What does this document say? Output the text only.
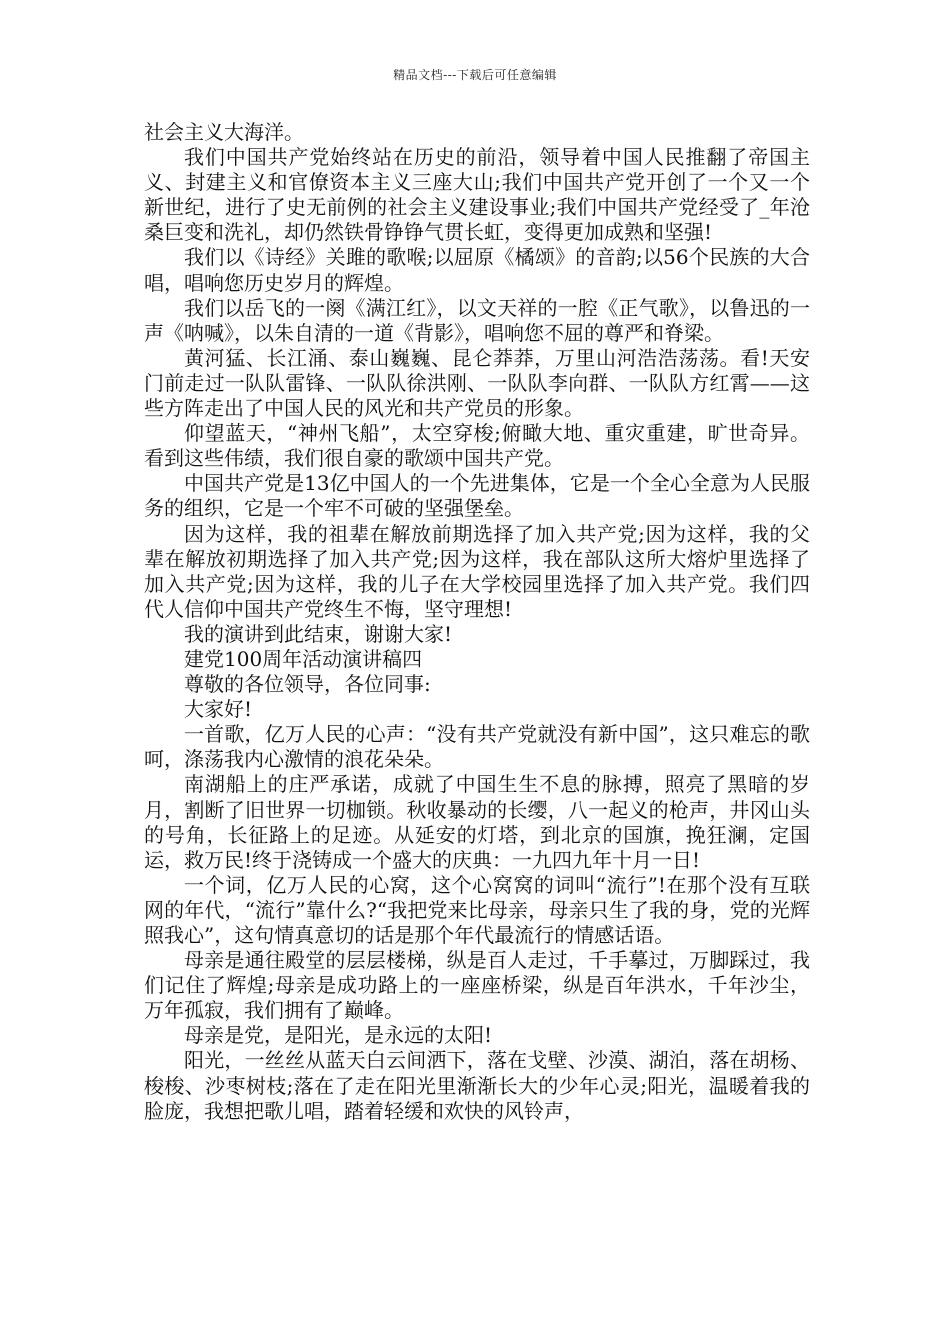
精品文档---下载后可任意编辑

社会主义大海洋。

我们中国共产党始终站在历史的前沿，领导着中国人民推翻了帝国主义、封建主义和官僚资本主义三座大山;我们中国共产党开创了一个又一个新世纪，进行了史无前例的社会主义建设事业;我们中国共产党经受了_年沧桑巨变和洗礼，却仍然铁骨铮铮气贯长虹，变得更加成熟和坚强!

我们以《诗经》关雎的歌喉;以屈原《橘颂》的音韵;以56个民族的大合唱，唱响您历史岁月的辉煌。

我们以岳飞的一阕《满江红》，以文天祥的一腔《正气歌》，以鲁迅的一声《呐喊》，以朱自清的一道《背影》，唱响您不屈的尊严和脊梁。

黄河猛、长江涌、泰山巍巍、昆仑莽莽，万里山河浩浩荡荡。看!天安门前走过一队队雷锋、一队队徐洪刚、一队队李向群、一队队方红霄——这些方阵走出了中国人民的风光和共产党员的形象。

仰望蓝天，“神州飞船”，太空穿梭;俯瞰大地、重灾重建，旷世奇异。看到这些伟绩，我们很自豪的歌颂中国共产党。

中国共产党是13亿中国人的一个先进集体，它是一个全心全意为人民服务的组织，它是一个牢不可破的坚强堡垒。

因为这样，我的祖辈在解放前期选择了加入共产党;因为这样，我的父辈在解放初期选择了加入共产党;因为这样，我在部队这所大熔炉里选择了加入共产党;因为这样，我的儿子在大学校园里选择了加入共产党。我们四代人信仰中国共产党终生不悔，坚守理想!

我的演讲到此结束，谢谢大家!

建党100周年活动演讲稿四

尊敬的各位领导，各位同事:

大家好!

一首歌，亿万人民的心声：“没有共产党就没有新中国”，这只难忘的歌呵，涤荡我内心激情的浪花朵朵。

南湖船上的庄严承诺，成就了中国生生不息的脉搏，照亮了黑暗的岁月，割断了旧世界一切枷锁。秋收暴动的长缨，八一起义的枪声，井冈山头的号角，长征路上的足迹。从延安的灯塔，到北京的国旗，挽狂澜，定国运，救万民!终于浇铸成一个盛大的庆典：一九四九年十月一日!

一个词，亿万人民的心窝，这个心窝窝的词叫“流行”!在那个没有互联网的年代，“流行”靠什么?“我把党来比母亲，母亲只生了我的身，党的光辉照我心”，这句情真意切的话是那个年代最流行的情感话语。

母亲是通往殿堂的层层楼梯，纵是百人走过，千手摹过，万脚踩过，我们记住了辉煌;母亲是成功路上的一座座桥梁，纵是百年洪水，千年沙尘，万年孤寂，我们拥有了巅峰。

母亲是党，是阳光，是永远的太阳!

阳光，一丝丝从蓝天白云间洒下，落在戈壁、沙漠、湖泊，落在胡杨、梭梭、沙枣树枝;落在了走在阳光里渐渐长大的少年心灵;阳光，温暖着我的脸庞，我想把歌儿唱，踏着轻缓和欢快的风铃声，
